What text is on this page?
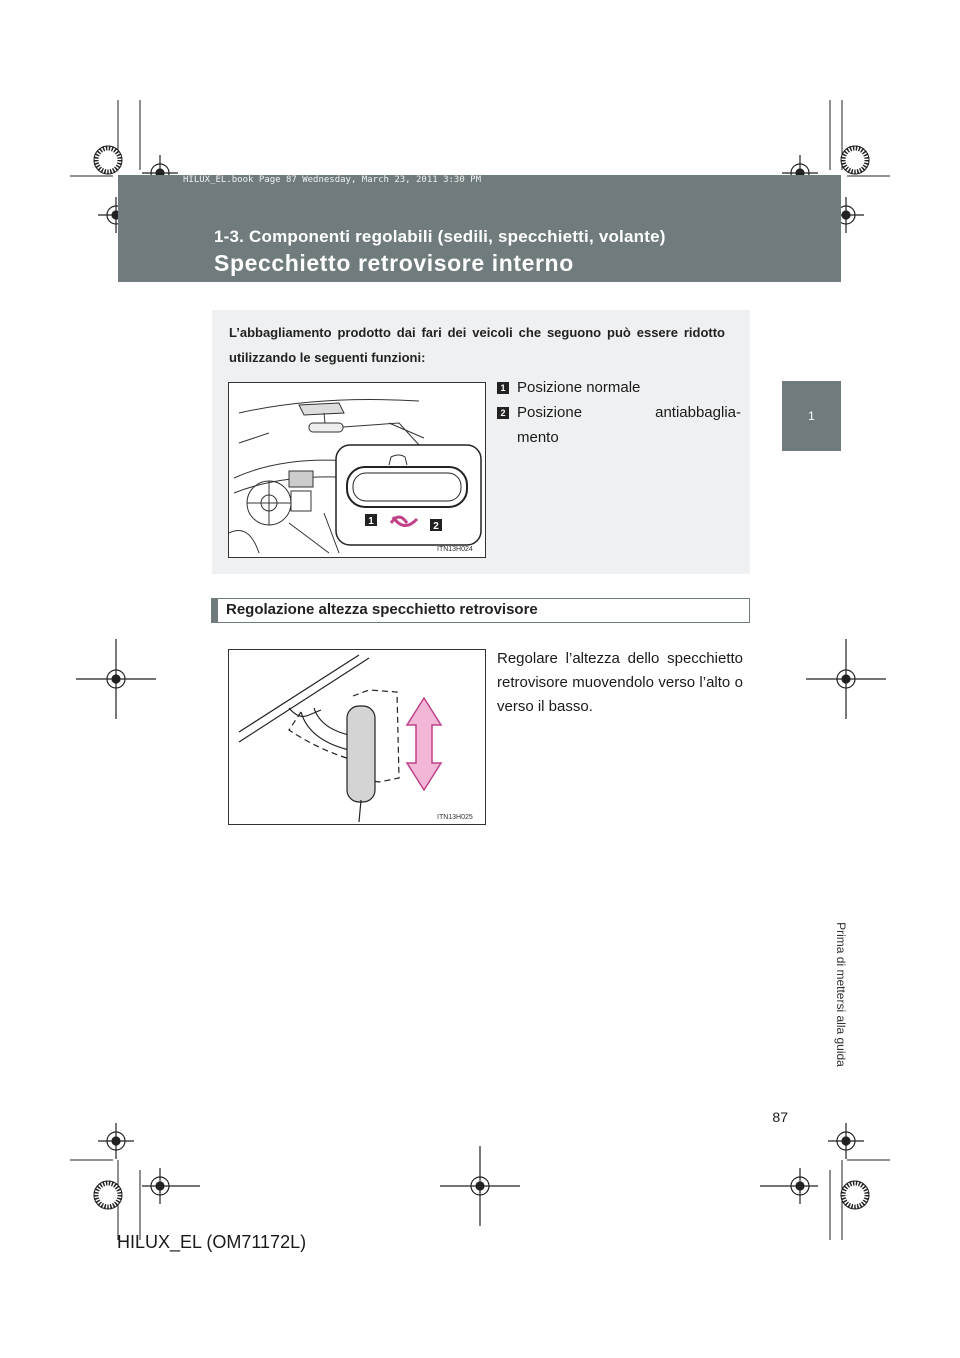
HILUX_EL.book Page 87 Wednesday, March 23, 2011 3:30 PM
1-3. Componenti regolabili (sedili, specchietti, volante)
Specchietto retrovisore interno
1
Prima di mettersi alla guida
L’abbagliamento prodotto dai fari dei veicoli che seguono può essere ridotto utilizzando le seguenti funzioni:
1	2
ITN13H024
1 Posizione normale
2 Posizione antiabbaglia-
mento
Regolazione altezza specchietto retrovisore
ITN13H025
Regolare l’altezza dello specchietto retrovisore muovendolo verso l’alto o verso il basso.
87
HILUX_EL (OM71172L)
